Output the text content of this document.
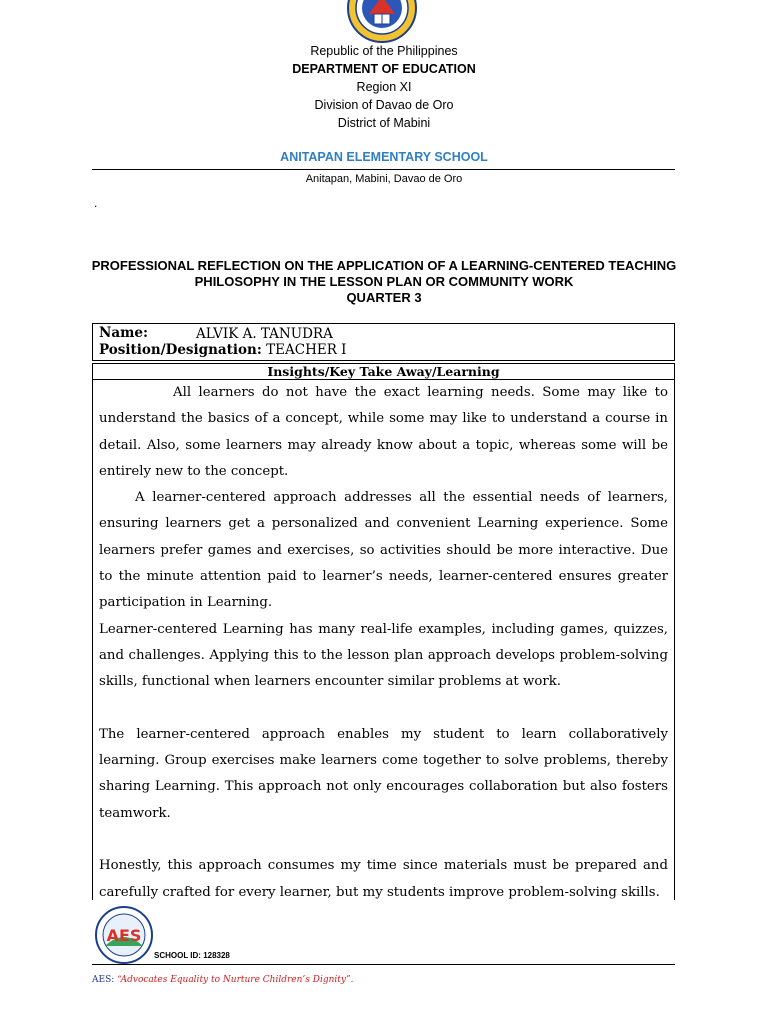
Republic of the Philippines
DEPARTMENT OF EDUCATION
Region XI
Division of Davao de Oro
District of Mabini
ANITAPAN ELEMENTARY SCHOOL
Anitapan, Mabini, Davao de Oro
.
PROFESSIONAL REFLECTION ON THE APPLICATION OF A LEARNING-CENTERED TEACHING
PHILOSOPHY IN THE LESSON PLAN OR COMMUNITY WORK
QUARTER 3
Name:	ALVIK A. TANUDRA
Position/Designation: TEACHER I
Insights/Key Take Away/Learning

All learners do not have the exact learning needs. Some may like to understand the basics of a concept, while some may like to understand a course in detail. Also, some learners may already know about a topic, whereas some will be entirely new to the concept.

A learner-centered approach addresses all the essential needs of learners, ensuring learners get a personalized and convenient Learning experience. Some learners prefer games and exercises, so activities should be more interactive. Due to the minute attention paid to learner’s needs, learner-centered ensures greater participation in Learning.

Learner-centered Learning has many real-life examples, including games, quizzes, and challenges. Applying this to the lesson plan approach develops problem-solving skills, functional when learners encounter similar problems at work.

The learner-centered approach enables my student to learn collaboratively learning. Group exercises make learners come together to solve problems, thereby sharing Learning. This approach not only encourages collaboration but also fosters teamwork.

Honestly, this approach consumes my time since materials must be prepared and carefully crafted for every learner, but my students improve problem-solving skills.

AES
SCHOOL ID: 128328
AES: “Advocates Equality to Nurture Children’s Dignity”.
